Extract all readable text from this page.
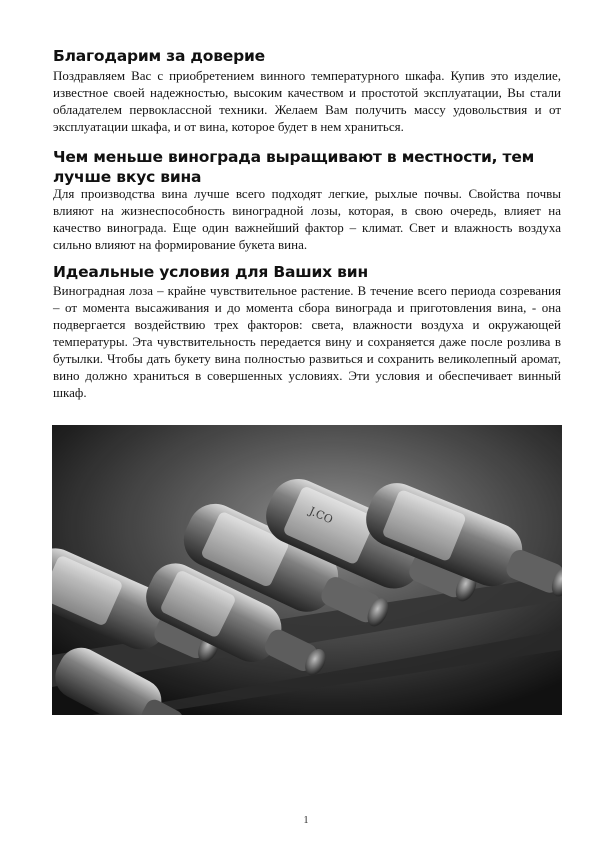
Благодарим за доверие

Поздравляем Вас с приобретением винного температурного шкафа. Купив это изделие, известное своей надежностью, высоким качеством и простотой эксплуатации, Вы стали обладателем первоклассной техники. Желаем Вам получить массу удовольствия и от эксплуатации шкафа, и от вина, которое будет в нем храниться.

Чем меньше винограда выращивают в местности, тем лучше вкус вина

Для производства вина лучше всего подходят легкие, рыхлые почвы. Свойства почвы влияют на жизнеспособность виноградной лозы, которая, в свою очередь, влияет на качество винограда. Еще один важнейший фактор – климат. Свет и влажность воздуха сильно влияют на формирование букета вина.

Идеальные условия для Ваших вин

Виноградная лоза – крайне чувствительное растение. В течение всего периода созревания – от момента высаживания и до момента сбора винограда и приготовления вина, - она подвергается воздействию трех факторов: света, влажности воздуха и окружающей температуры. Эта чувствительность передается вину и сохраняется даже после розлива в бутылки. Чтобы дать букету вина полностью развиться и сохранить великолепный аромат, вино должно храниться в совершенных условиях. Эти условия и обеспечивает винный шкаф.

J.CO
1
